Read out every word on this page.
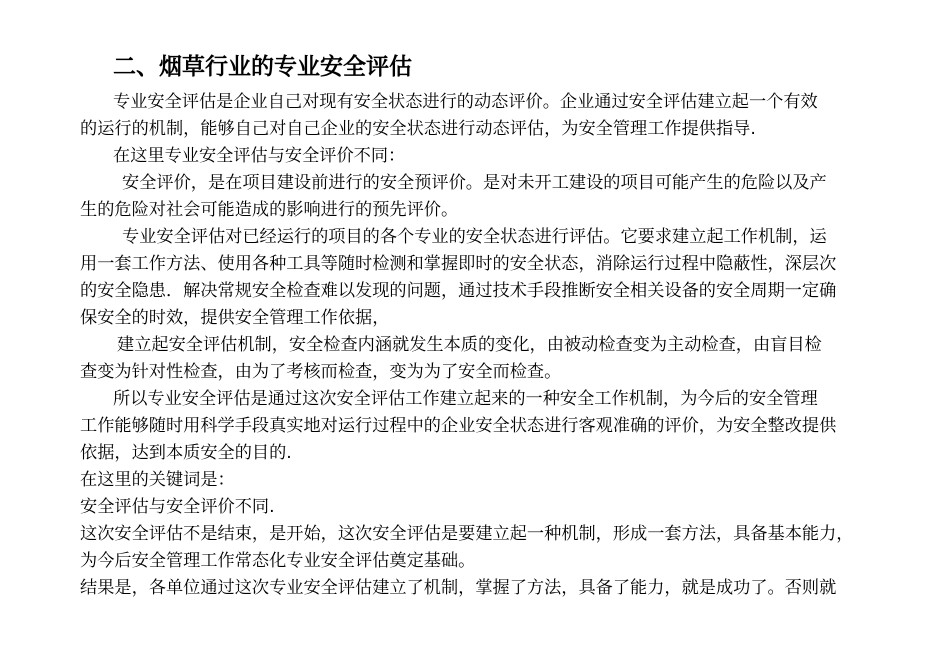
二、烟草行业的专业安全评估
专业安全评估是企业自己对现有安全状态进行的动态评价。企业通过安全评估建立起一个有效
的运行的机制，能够自己对自己企业的安全状态进行动态评估，为安全管理工作提供指导.
在这里专业安全评估与安全评价不同：
安全评价，是在项目建设前进行的安全预评价。是对未开工建设的项目可能产生的危险以及产
生的危险对社会可能造成的影响进行的预先评价。
专业安全评估对已经运行的项目的各个专业的安全状态进行评估。它要求建立起工作机制，运
用一套工作方法、使用各种工具等随时检测和掌握即时的安全状态，消除运行过程中隐蔽性，深层次
的安全隐患．解决常规安全检查难以发现的问题，通过技术手段推断安全相关设备的安全周期一定确
保安全的时效，提供安全管理工作依据，
建立起安全评估机制，安全检查内涵就发生本质的变化，由被动检查变为主动检查，由盲目检
查变为针对性检查，由为了考核而检查，变为为了安全而检查。
所以专业安全评估是通过这次安全评估工作建立起来的一种安全工作机制，为今后的安全管理
工作能够随时用科学手段真实地对运行过程中的企业安全状态进行客观准确的评价，为安全整改提供
依据，达到本质安全的目的.
在这里的关键词是：
安全评估与安全评价不同.
这次安全评估不是结束，是开始，这次安全评估是要建立起一种机制，形成一套方法，具备基本能力，
为今后安全管理工作常态化专业安全评估奠定基础。
结果是，各单位通过这次专业安全评估建立了机制，掌握了方法，具备了能力，就是成功了。否则就
